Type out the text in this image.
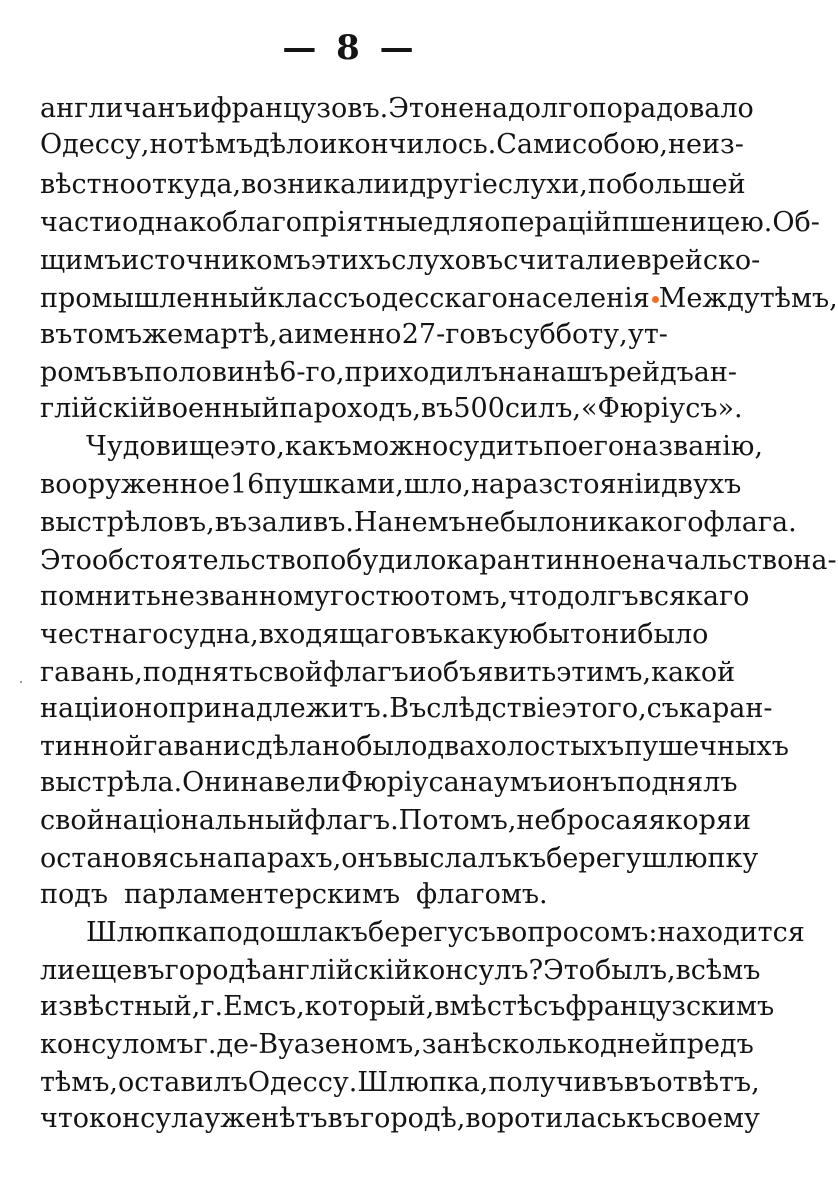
— 8 —
англичанъ и французовъ. Это не надолго порадовало
Одессу, но тѣмъ дѣло и кончилось. Сами собою, неиз-
вѣстно откуда, возникали и другіе слухи, по большей
части однако благопріятные для операцій пшеницею. Об-
щимъ источникомъ этихъ слуховъ считали еврейско-
промышленный классъ одесскаго населенія Между тѣмъ,
въ томъ же мартѣ, а именно 27-го въ субботу, ут-
ромъ въ половинѣ 6-го, приходилъ на нашъ рейдъ ан-
глійскій военный пароходъ, въ 500 силъ, «Фюріусъ».
Чудовище это, какъ можно судить по его названію,
вооруженное 16 пушками, шло, на разстояніи двухъ
выстрѣловъ, въ заливъ. На немъ не было никакого флага.
Это обстоятельство побудило карантинное начальство на-
помнить незванному гостю о томъ, что долгъ всякаго
честнаго судна, входящаго въ какую бы то ни было
гавань, поднять свой флагъ и объявить этимъ, какой
націи оно принадлежитъ. Въ слѣдствіе этого, съ каран-
тинной гавани сдѣлано было два холостыхъ пушечныхъ
выстрѣла. Они навели Фюріуса на умъ и онъ поднялъ
свой національный флагъ. Потомъ, не бросая якоря и
остановясь на парахъ, онъ выслалъ къ берегу шлюпку
подъ парламентерскимъ флагомъ.
Шлюпка подошла къ берегу съ вопросомъ: находится
ли еще въ городѣ англійскій консулъ? Это былъ, всѣмъ
извѣстный, г. Емсъ, который, вмѣстѣ съ французскимъ
консуломъ г. де-Вуазеномъ, за нѣсколько дней предъ
тѣмъ, оставилъ Одессу. Шлюпка, получивъ въ отвѣтъ,
что консула уже нѣтъ въ городѣ, воротилась къ своему
